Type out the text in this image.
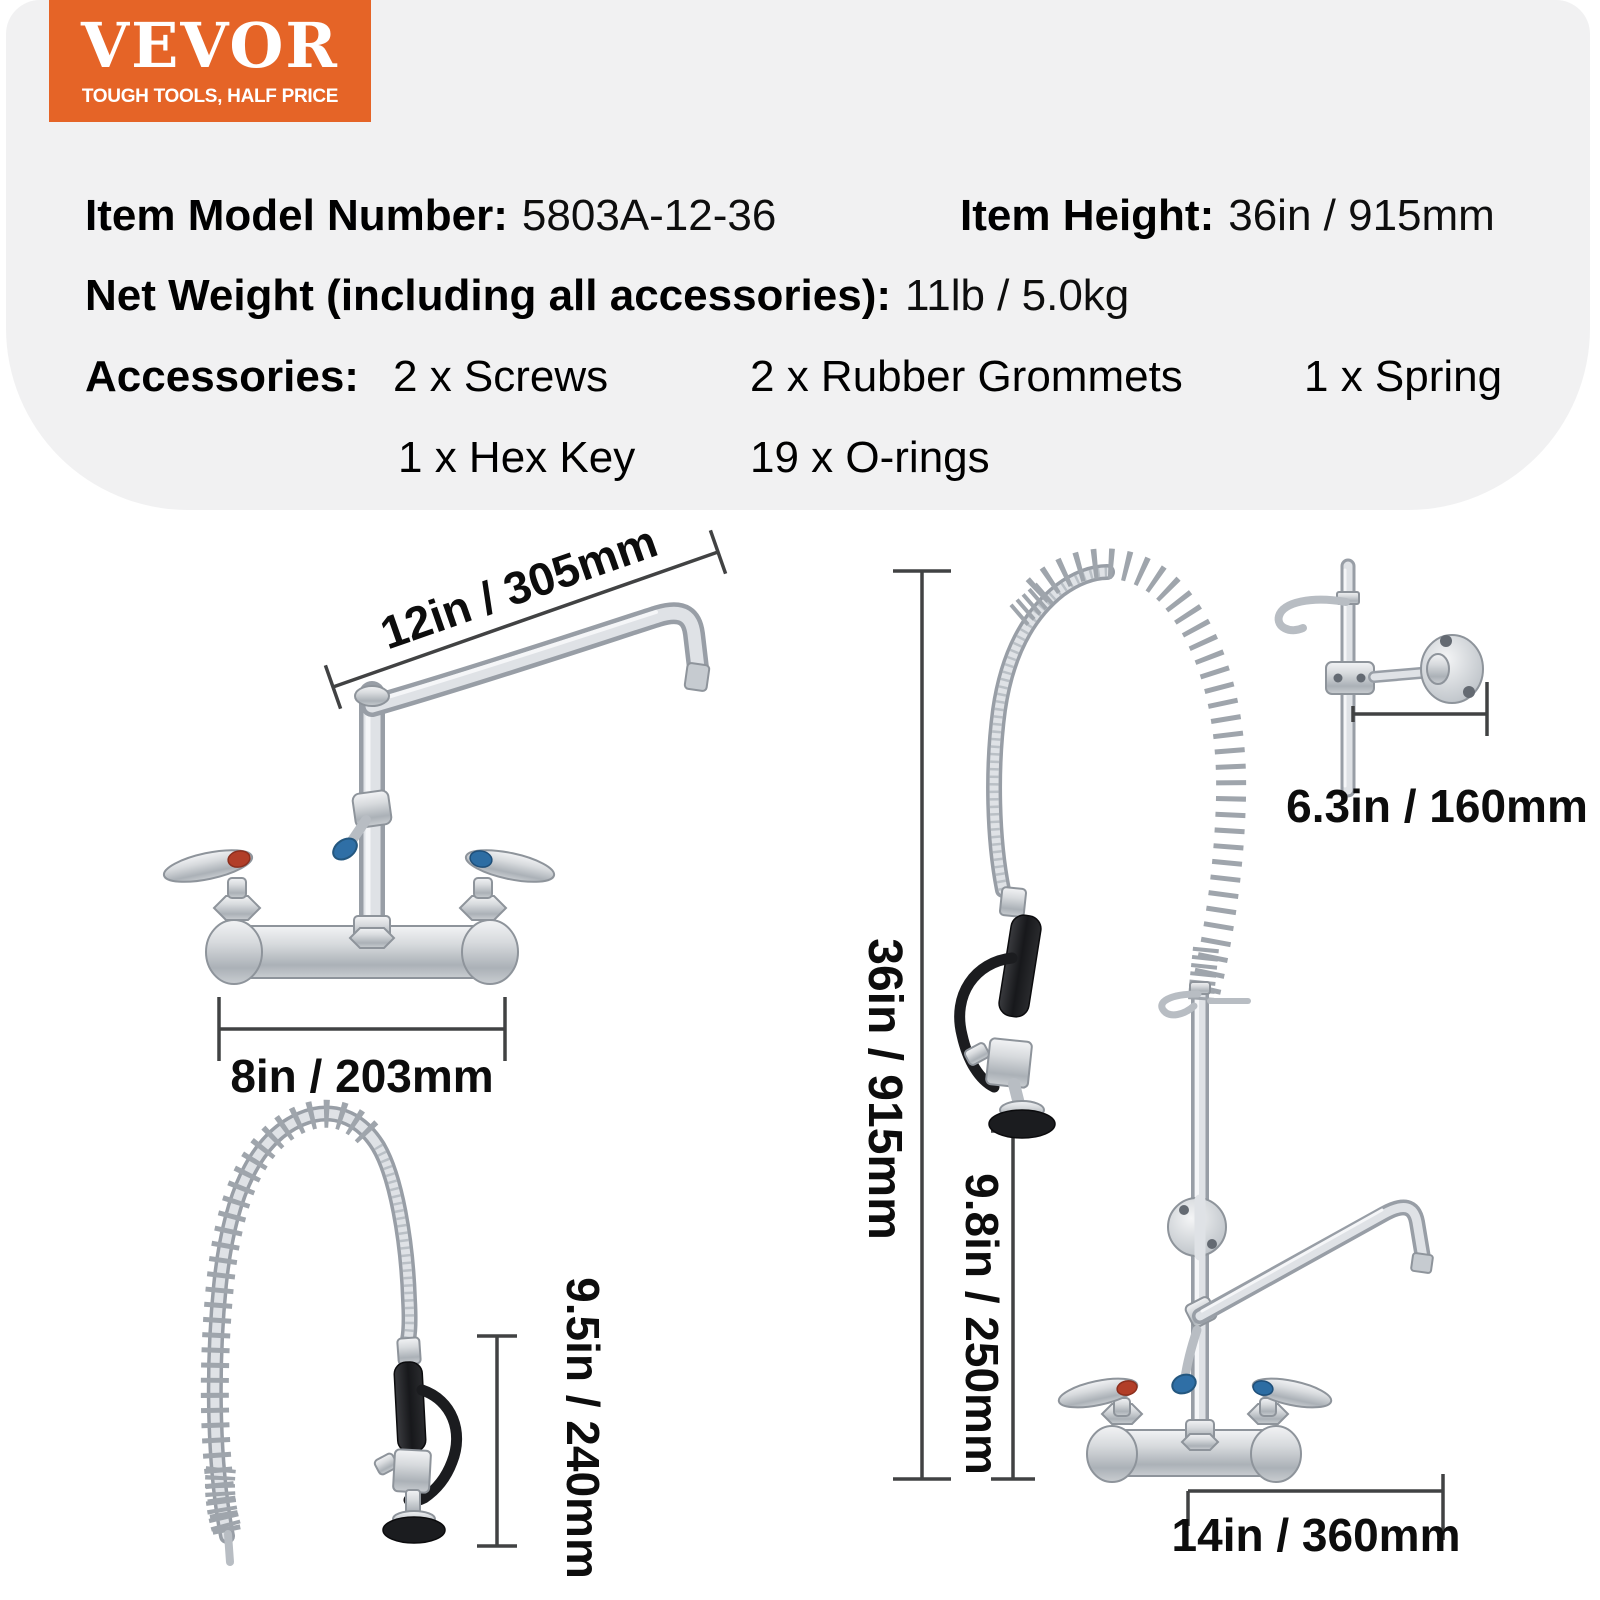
VEVOR
TOUGH TOOLS, HALF PRICE
Item Model Number: 5803A-12-36	Item Height: 36in / 915mm
Net Weight (including all accessories): 11lb / 5.0kg
Accessories: 2 x Screws	2 x Rubber Grommets	1 x Spring
1 x Hex Key	19 x O-rings
12in / 305mm
8in / 203mm
9.5in / 240mm
36in / 915mm
9.8in / 250mm
14in / 360mm
6.3in / 160mm
